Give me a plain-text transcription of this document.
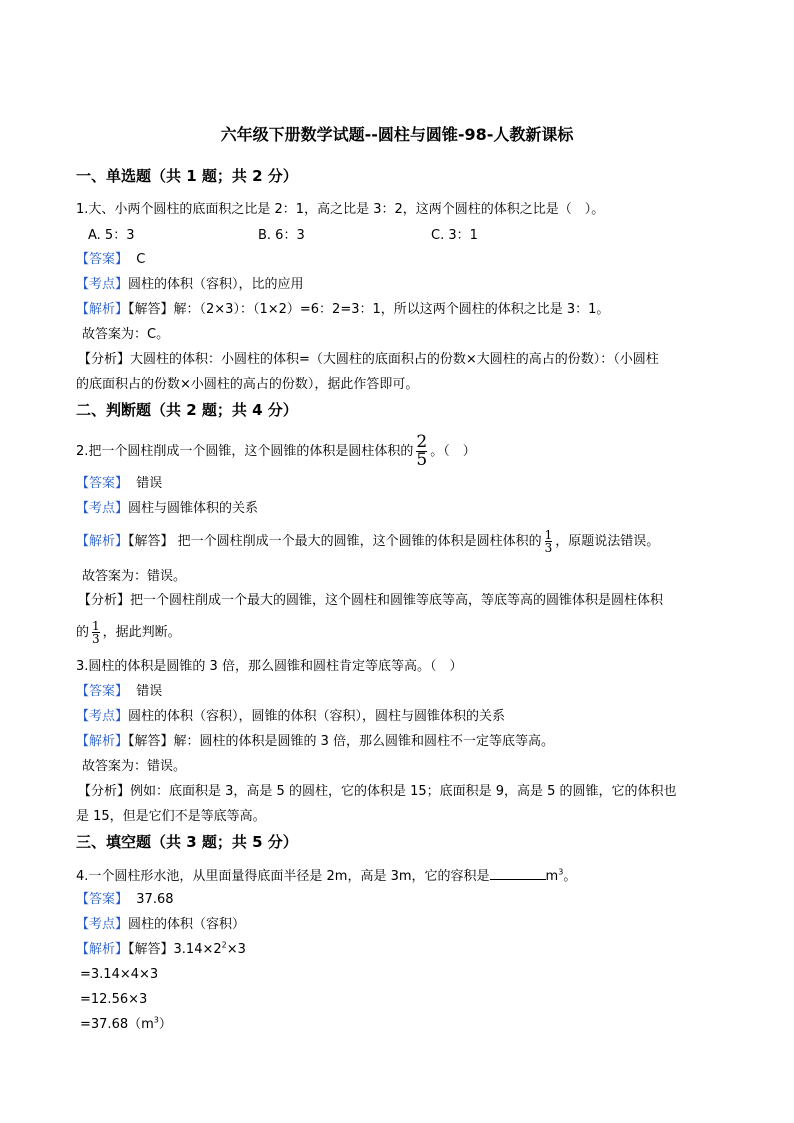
六年级下册数学试题--圆柱与圆锥-98-人教新课标
一、单选题（共 1 题；共 2 分）
1.大、小两个圆柱的底面积之比是 2：1，高之比是 3：2，这两个圆柱的体积之比是（　）。
A. 5：3	B. 6：3	C. 3：1
【答案】 C
【考点】圆柱的体积（容积），比的应用
【解析】【解答】解：（2×3）：（1×2）=6：2=3：1，所以这两个圆柱的体积之比是 3：1。
故答案为：C。
【分析】大圆柱的体积：小圆柱的体积=（大圆柱的底面积占的份数×大圆柱的高占的份数）：（小圆柱
的底面积占的份数×小圆柱的高占的份数），据此作答即可。
二、判断题（共 2 题；共 4 分）
2.把一个圆柱削成一个圆锥，这个圆锥的体积是圆柱体积的 $\frac{2}{5}$ 。（　）
【答案】 错误
【考点】圆柱与圆锥体积的关系
【解析】【解答】 把一个圆柱削成一个最大的圆锥，这个圆锥的体积是圆柱体积的 $\frac{1}{3}$ ，原题说法错误。
故答案为：错误。
【分析】把一个圆柱削成一个最大的圆锥，这个圆柱和圆锥等底等高，等底等高的圆锥体积是圆柱体积
的 $\frac{1}{3}$ ，据此判断。
3.圆柱的体积是圆锥的 3 倍，那么圆锥和圆柱肯定等底等高。（　）
【答案】 错误
【考点】圆柱的体积（容积），圆锥的体积（容积），圆柱与圆锥体积的关系
【解析】【解答】解：圆柱的体积是圆锥的 3 倍，那么圆锥和圆柱不一定等底等高。
故答案为：错误。
【分析】例如：底面积是 3，高是 5 的圆柱，它的体积是 15；底面积是 9，高是 5 的圆锥，它的体积也
是 15，但是它们不是等底等高。
三、填空题（共 3 题；共 5 分）
4.一个圆柱形水池，从里面量得底面半径是 2m，高是 3m，它的容积是	$m^3$。
【答案】 37.68
【考点】圆柱的体积（容积）
【解析】【解答】$3.14\times 2^2\times 3$
=3.14×4×3
=12.56×3
$=37.68(m^3)$
